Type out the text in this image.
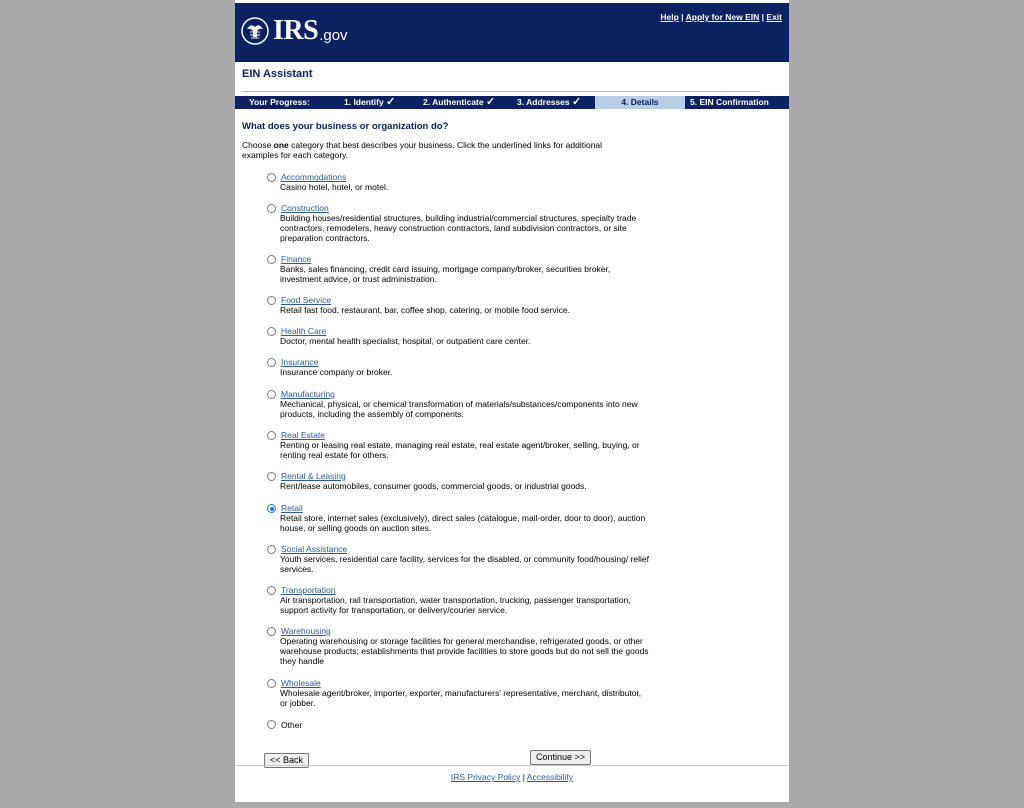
IRS .gov
Help | Apply for New EIN | Exit
EIN Assistant
Your Progress:	1. Identify ✓	2. Authenticate ✓	3. Addresses ✓	4. Details	5. EIN Confirmation
What does your business or organization do?
Choose one category that best describes your business. Click the underlined links for additional examples for each category.
Accommodations
Casino hotel, hotel, or motel.
Construction
Building houses/residential structures, building industrial/commercial structures, specialty trade contractors, remodelers, heavy construction contractors, land subdivision contractors, or site preparation contractors.
Finance
Banks, sales financing, credit card issuing, mortgage company/broker, securities broker, investment advice, or trust administration.
Food Service
Retail fast food, restaurant, bar, coffee shop, catering, or mobile food service.
Health Care
Doctor, mental health specialist, hospital, or outpatient care center.
Insurance
Insurance company or broker.
Manufacturing
Mechanical, physical, or chemical transformation of materials/substances/components into new products, including the assembly of components.
Real Estate
Renting or leasing real estate, managing real estate, real estate agent/broker, selling, buying, or renting real estate for others.
Rental & Leasing
Rent/lease automobiles, consumer goods, commercial goods, or industrial goods.
Retail
Retail store, internet sales (exclusively), direct sales (catalogue, mail-order, door to door), auction house, or selling goods on auction sites.
Social Assistance
Youth services, residential care facility, services for the disabled, or community food/housing/ relief services.
Transportation
Air transportation, rail transportation, water transportation, trucking, passenger transportation, support activity for transportation, or delivery/courier service.
Warehousing
Operating warehousing or storage facilities for general merchandise, refrigerated goods, or other warehouse products; establishments that provide facilities to store goods but do not sell the goods they handle
Wholesale
Wholesale agent/broker, importer, exporter, manufacturers' representative, merchant, distributor, or jobber.
Other
<< Back	Continue >>
IRS Privacy Policy | Accessibility
